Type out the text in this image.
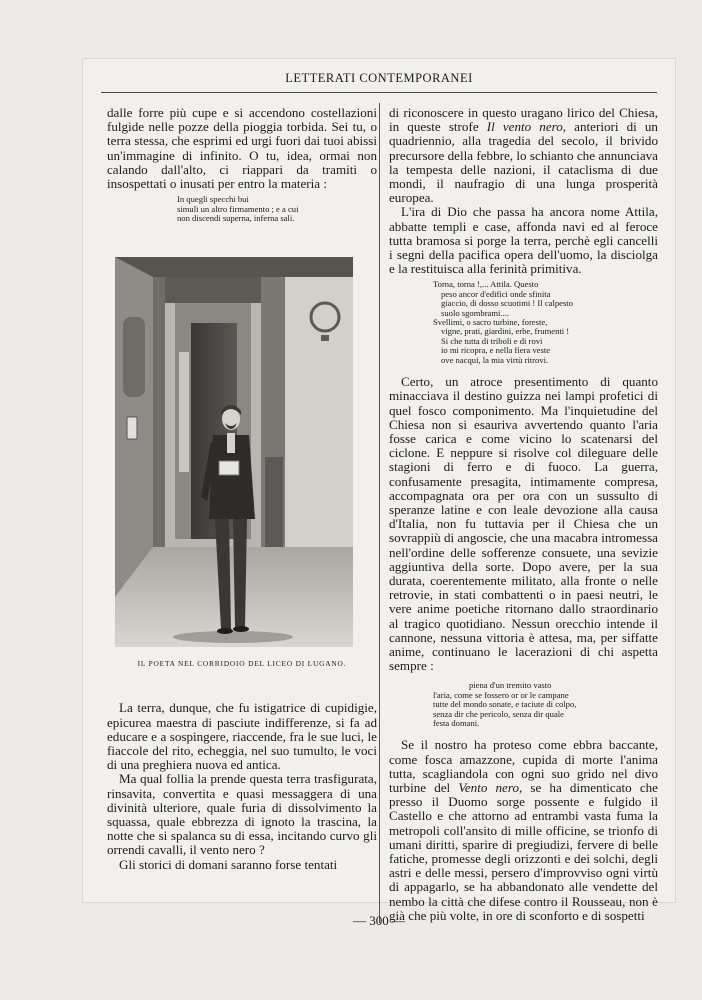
LETTERATI CONTEMPORANEI

dalle forre più cupe e si accendono costellazioni fulgide nelle pozze della pioggia torbida. Sei tu, o terra stessa, che esprimi ed urgi fuori dai tuoi abissi un'immagine di infinito. O tu, idea, ormai non calando dall'alto, ci riappari da tramiti o insospettati o inusati per entro la materia :

In quegli specchi bui
simuli un altro firmamento ; e a cui
non discendi superna, inferna sali.
IL POETA NEL CORRIDOIO DEL LICEO DI LUGANO.

La terra, dunque, che fu istigatrice di cupidigie, epicurea maestra di pasciute indifferenze, si fa ad educare e a sospingere, riaccende, fra le sue luci, le fiaccole del rito, echeggia, nel suo tumulto, le voci di una preghiera nuova ed antica.

Ma qual follia la prende questa terra trasfigurata, rinsavita, convertita e quasi messaggera di una divinità ulteriore, quale furia di dissolvimento la squassa, quale ebbrezza di ignoto la trascina, la notte che si spalanca su di essa, incitando curvo gli orrendi cavalli, il vento nero ?

Gli storici di domani saranno forse tentati

di riconoscere in questo uragano lirico del Chiesa, in queste strofe Il vento nero, anteriori di un quadriennio, alla tragedia del secolo, il brivido precursore della febbre, lo schianto che annunciava la tempesta delle nazioni, il cataclisma di due mondi, il naufragio di una lunga prosperità europea.

L'ira di Dio che passa ha ancora nome Attila, abbatte templi e case, affonda navi ed al feroce tutta bramosa si porge la terra, perchè egli cancelli i segni della pacifica opera dell'uomo, la disciolga e la restituisca alla ferinità primitiva.

Torna, torna !,... Attila. Questo
peso ancor d'edifici onde sfinita
giaccio, di dosso scuotimi ! Il calpesto
suolo sgombrami....
Svellimi, o sacro turbine, foreste,
vigne, prati, giardini, erbe, frumenti !
Si che tutta di triboli e di rovi
io mi ricopra, e nella fiera veste
ove nacqui, la mia virtù ritrovi.

Certo, un atroce presentimento di quanto minacciava il destino guizza nei lampi profetici di quel fosco componimento. Ma l'inquietudine del Chiesa non si esauriva avvertendo quanto l'aria fosse carica e come vicino lo scatenarsi del ciclone. E neppure si risolve col dileguare delle stagioni di ferro e di fuoco. La guerra, confusamente presagita, intimamente compresa, accompagnata ora per ora con un sussulto di speranze latine e con leale devozione alla causa d'Italia, non fu tuttavia per il Chiesa che un sovrappiù di angoscie, che una macabra intromessa nell'ordine delle sofferenze consuete, una sevizie aggiuntiva della sorte. Dopo avere, per la sua durata, coerentemente militato, alla fronte o nelle retrovie, in stati combattenti o in paesi neutri, le vere anime poetiche ritornano dallo straordinario al tragico quotidiano. Nessun orecchio intende il cannone, nessuna vittoria è attesa, ma, per siffatte anime, continuano le lacerazioni di chi aspetta sempre :

piena d'un tremito vasto
l'aria, come se fossero or or le campane
tutte del mondo sonate, e taciute di colpo,
senza dir che pericolo, senza dir quale
festa domani.

Se il nostro ha proteso come ebbra baccante, come fosca amazzone, cupida di morte l'anima tutta, scagliandola con ogni suo grido nel divo turbine del Vento nero, se ha dimenticato che presso il Duomo sorge possente e fulgido il Castello e che attorno ad entrambi vasta fuma la metropoli coll'ansito di mille officine, se trionfo di umani diritti, sparire di pregiudizi, fervere di belle fatiche, promesse degli orizzonti e dei solchi, degli astri e delle messi, persero d'improvviso ogni virtù di appagarlo, se ha abbandonato alle vendette del nembo la città che difese contro il Rousseau, non è già che più volte, in ore di sconforto e di sospetti

— 300 —
